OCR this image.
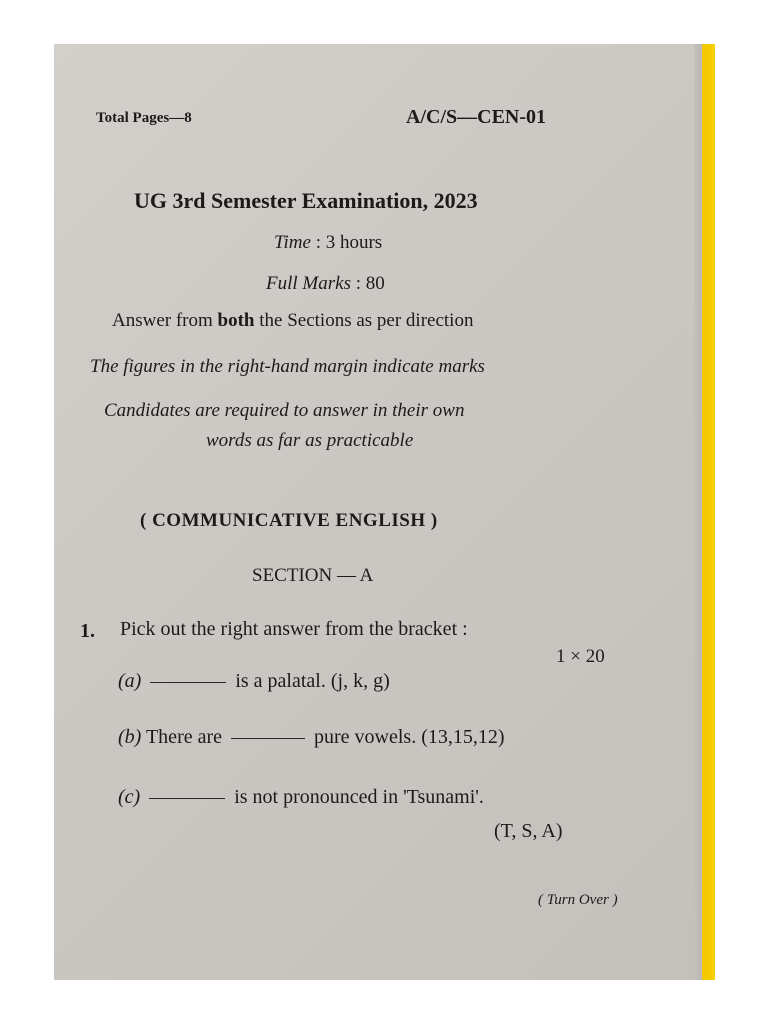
Total Pages—8	A/C/S—CEN-01
UG 3rd Semester Examination, 2023
Time : 3 hours
Full Marks : 80
Answer from both the Sections as per direction
The figures in the right-hand margin indicate marks
Candidates are required to answer in their own
words as far as practicable
( COMMUNICATIVE ENGLISH )
SECTION — A
1. Pick out the right answer from the bracket :
1 × 20
(a)	is a palatal. (j, k, g)
(b) There are	pure vowels. (13,15,12)
(c)	is not pronounced in 'Tsunami'.
(T, S, A)
( Turn Over )
